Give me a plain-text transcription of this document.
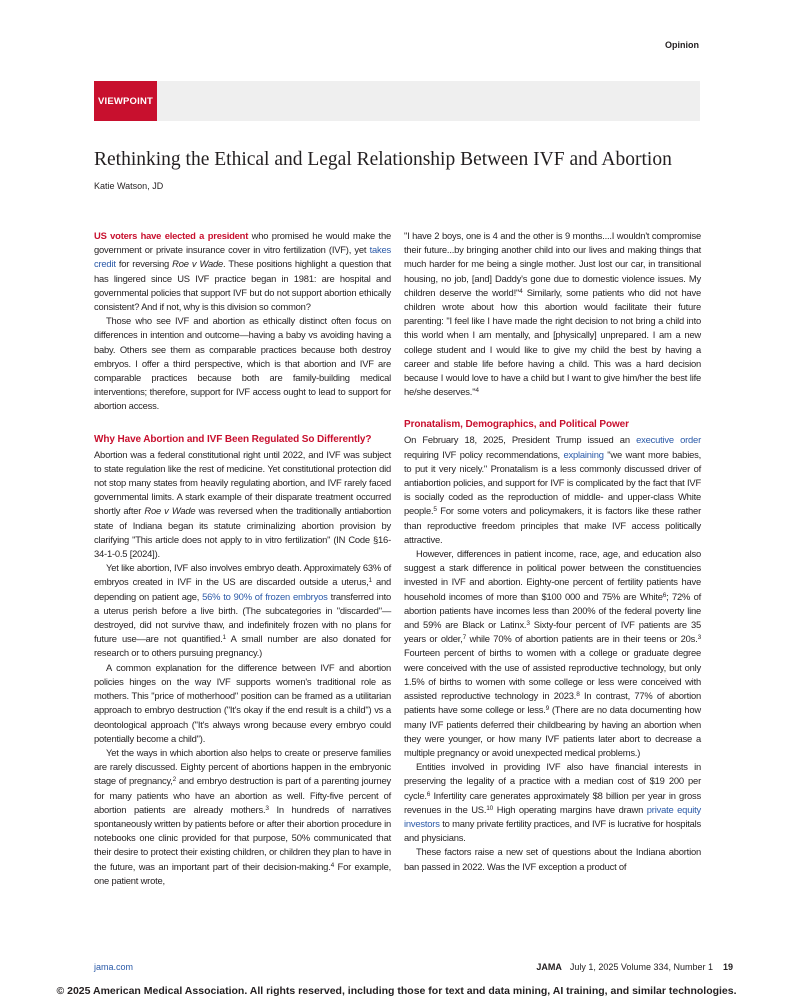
Opinion
VIEWPOINT
Rethinking the Ethical and Legal Relationship Between IVF and Abortion
Katie Watson, JD

US voters have elected a president who promised he would make the government or private insurance cover in vitro fertilization (IVF), yet takes credit for reversing Roe v Wade. These positions highlight a question that has lingered since US IVF practice began in 1981: are hospital and governmental policies that support IVF but do not support abortion ethically consistent? And if not, why is this division so common?

Those who see IVF and abortion as ethically distinct often focus on differences in intention and outcome—having a baby vs avoiding having a baby. Others see them as comparable practices because both destroy embryos. I offer a third perspective, which is that abortion and IVF are comparable practices because both are family-building medical interventions; therefore, support for IVF access ought to lead to support for abortion access.

Why Have Abortion and IVF Been Regulated So Differently?

Abortion was a federal constitutional right until 2022, and IVF was subject to state regulation like the rest of medicine. Yet constitutional protection did not stop many states from heavily regulating abortion, and IVF rarely faced governmental limits. A stark example of their disparate treatment occurred shortly after Roe v Wade was reversed when the traditionally antiabortion state of Indiana began its statute criminalizing abortion provision by clarifying "This article does not apply to in vitro fertilization" (IN Code §16-34-1-0.5 [2024]).

Yet like abortion, IVF also involves embryo death. Approximately 63% of embryos created in IVF in the US are discarded outside a uterus,$^1$ and depending on patient age, 56% to 90% of frozen embryos transferred into a uterus perish before a live birth. (The subcategories in "discarded"—destroyed, did not survive thaw, and indefinitely frozen with no plans for future use—are not quantified.$^1$ A small number are also donated for research or to others pursuing pregnancy.)

A common explanation for the difference between IVF and abortion policies hinges on the way IVF supports women's traditional role as mothers. This "price of motherhood" position can be framed as a utilitarian approach to embryo destruction ("It's okay if the end result is a child") vs a deontological approach ("It's always wrong because every embryo could potentially become a child").

Yet the ways in which abortion also helps to create or preserve families are rarely discussed. Eighty percent of abortions happen in the embryonic stage of pregnancy,$^2$ and embryo destruction is part of a parenting journey for many patients who have an abortion as well. Fifty-five percent of abortion patients are already mothers.$^3$ In hundreds of narratives spontaneously written by patients before or after their abortion procedure in notebooks one clinic provided for that purpose, 50% communicated that their desire to protect their existing children, or children they plan to have in the future, was an important part of their decision-making.$^4$ For example, one patient wrote,

"I have 2 boys, one is 4 and the other is 9 months....I wouldn't compromise their future...by bringing another child into our lives and making things that much harder for me being a single mother. Just lost our car, in transitional housing, no job, [and] Daddy's gone due to domestic violence issues. My children deserve the world!"$^4$ Similarly, some patients who did not have children wrote about how this abortion would facilitate their future parenting: "I feel like I have made the right decision to not bring a child into this world when I am mentally, and [physically] unprepared. I am a new college student and I would like to give my child the best by having a career and stable life before having a child. This was a hard decision because I would love to have a child but I want to give him/her the best life he/she deserves."$^4$

Pronatalism, Demographics, and Political Power

On February 18, 2025, President Trump issued an executive order requiring IVF policy recommendations, explaining "we want more babies, to put it very nicely." Pronatalism is a less commonly discussed driver of antiabortion policies, and support for IVF is complicated by the fact that IVF is socially coded as the reproduction of middle- and upper-class White people.$^5$ For some voters and policymakers, it is factors like these rather than reproductive freedom principles that make IVF access politically attractive.

However, differences in patient income, race, age, and education also suggest a stark difference in political power between the constituencies invested in IVF and abortion. Eighty-one percent of fertility patients have household incomes of more than $100 000 and 75% are White$^6$; 72% of abortion patients have incomes less than 200% of the federal poverty line and 59% are Black or Latinx.$^3$ Sixty-four percent of IVF patients are 35 years or older,$^7$ while 70% of abortion patients are in their teens or 20s.$^3$ Fourteen percent of births to women with a college or graduate degree were conceived with the use of assisted reproductive technology, but only 1.5% of births to women with some college or less were conceived with assisted reproductive technology in 2023.$^8$ In contrast, 77% of abortion patients have some college or less.$^9$ (There are no data documenting how many IVF patients deferred their childbearing by having an abortion when they were younger, or how many IVF patients later abort to decrease a multiple pregnancy or avoid unexpected medical problems.)

Entities involved in providing IVF also have financial interests in preserving the legality of a practice with a median cost of $19 200 per cycle.$^6$ Infertility care generates approximately $8 billion per year in gross revenues in the US.$^{10}$ High operating margins have drawn private equity investors to many private fertility practices, and IVF is lucrative for hospitals and physicians.

These factors raise a new set of questions about the Indiana abortion ban passed in 2022. Was the IVF exception a product of

jama.com	JAMA July 1, 2025 Volume 334, Number 1 19
© 2025 American Medical Association. All rights reserved, including those for text and data mining, AI training, and similar technologies.
